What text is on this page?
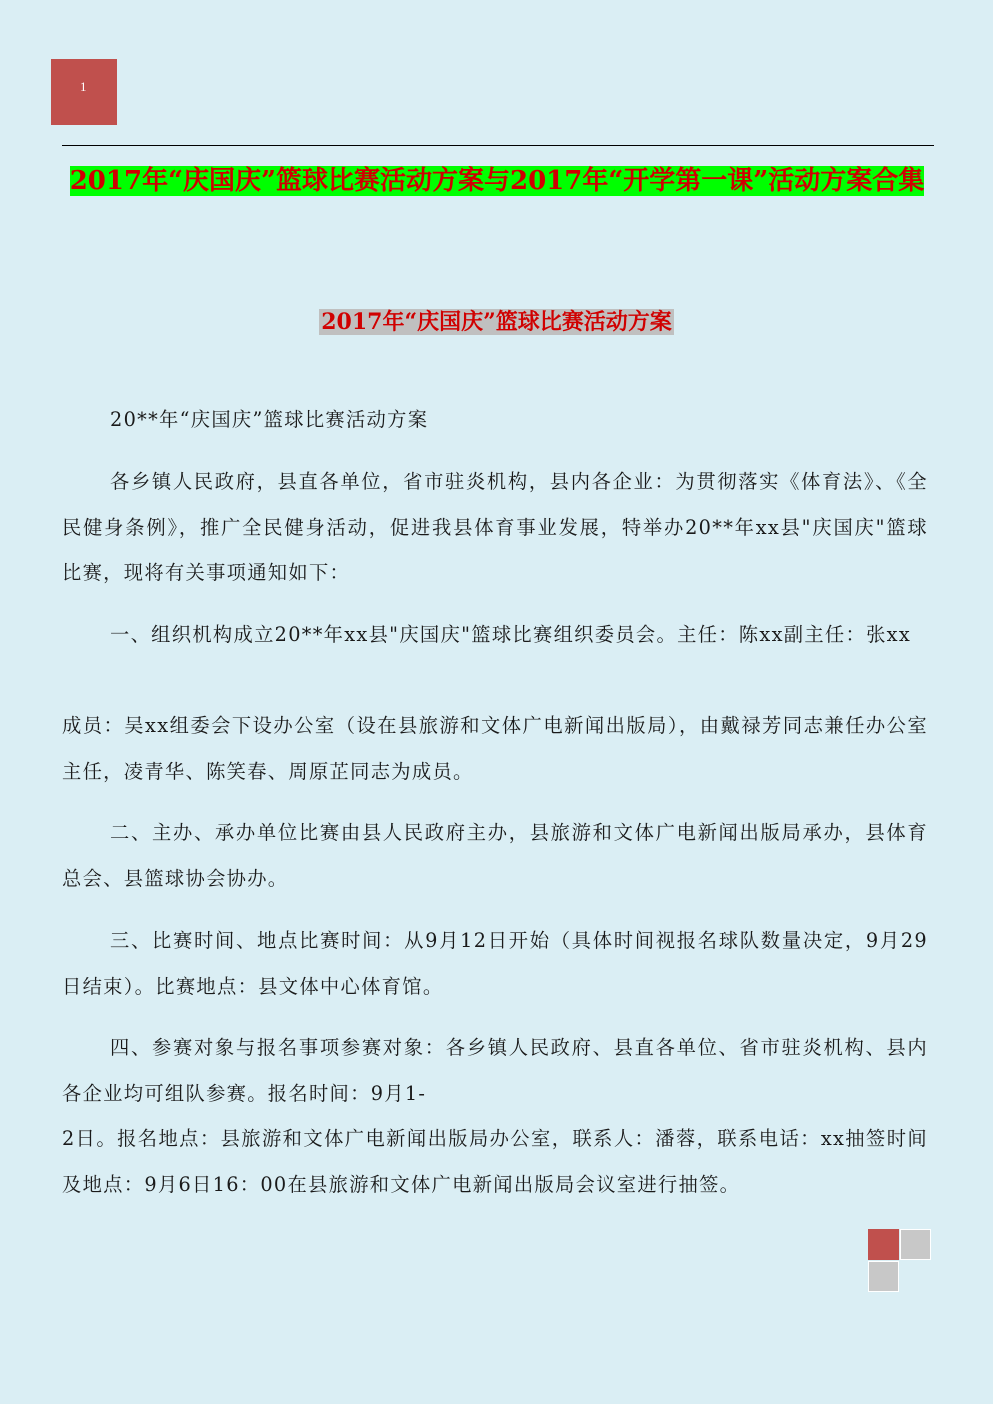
1
2017年“庆国庆”篮球比赛活动方案与2017年“开学第一课”活动方案合集
2017年“庆国庆”篮球比赛活动方案
20**年“庆国庆”篮球比赛活动方案
各乡镇人民政府，县直各单位，省市驻炎机构，县内各企业：为贯彻落实《体育法》、《全民健身条例》，推广全民健身活动，促进我县体育事业发展，特举办20**年xx县"庆国庆"篮球比赛，现将有关事项通知如下：
一、组织机构成立20**年xx县"庆国庆"篮球比赛组织委员会。主任：陈xx副主任：张xx
成员：吴xx组委会下设办公室（设在县旅游和文体广电新闻出版局），由戴禄芳同志兼任办公室主任，凌青华、陈笑春、周原芷同志为成员。
二、主办、承办单位比赛由县人民政府主办，县旅游和文体广电新闻出版局承办，县体育总会、县篮球协会协办。
三、比赛时间、地点比赛时间：从9月12日开始（具体时间视报名球队数量决定，9月29日结束）。比赛地点：县文体中心体育馆。
四、参赛对象与报名事项参赛对象：各乡镇人民政府、县直各单位、省市驻炎机构、县内各企业均可组队参赛。报名时间：9月1-
2日。报名地点：县旅游和文体广电新闻出版局办公室，联系人：潘蓉，联系电话：xx抽签时间及地点：9月6日16：00在县旅游和文体广电新闻出版局会议室进行抽签。
